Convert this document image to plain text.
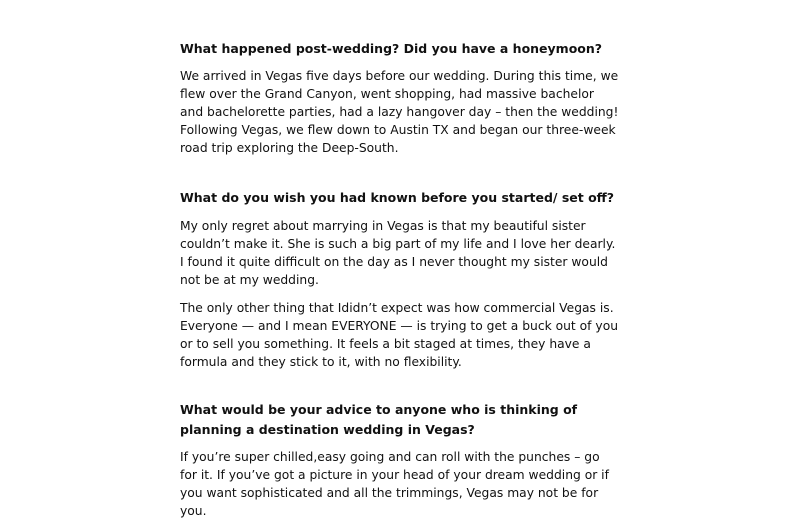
What happened post-wedding? Did you have a honeymoon?

We arrived in Vegas five days before our wedding. During this time, we flew over the Grand Canyon, went shopping, had massive bachelor and bachelorette parties, had a lazy hangover day – then the wedding! Following Vegas, we flew down to Austin TX and began our three-week road trip exploring the Deep-South.

What do you wish you had known before you started/ set off?

My only regret about marrying in Vegas is that my beautiful sister couldn’t make it. She is such a big part of my life and I love her dearly. I found it quite difficult on the day as I never thought my sister would not be at my wedding.

The only other thing that Ididn’t expect was how commercial Vegas is. Everyone — and I mean EVERYONE — is trying to get a buck out of you or to sell you something. It feels a bit staged at times, they have a formula and they stick to it, with no flexibility.

What would be your advice to anyone who is thinking of planning a destination wedding in Vegas?

If you’re super chilled,easy going and can roll with the punches – go for it. If you’ve got a picture in your head of your dream wedding or if you want sophisticated and all the trimmings, Vegas may not be for you.
